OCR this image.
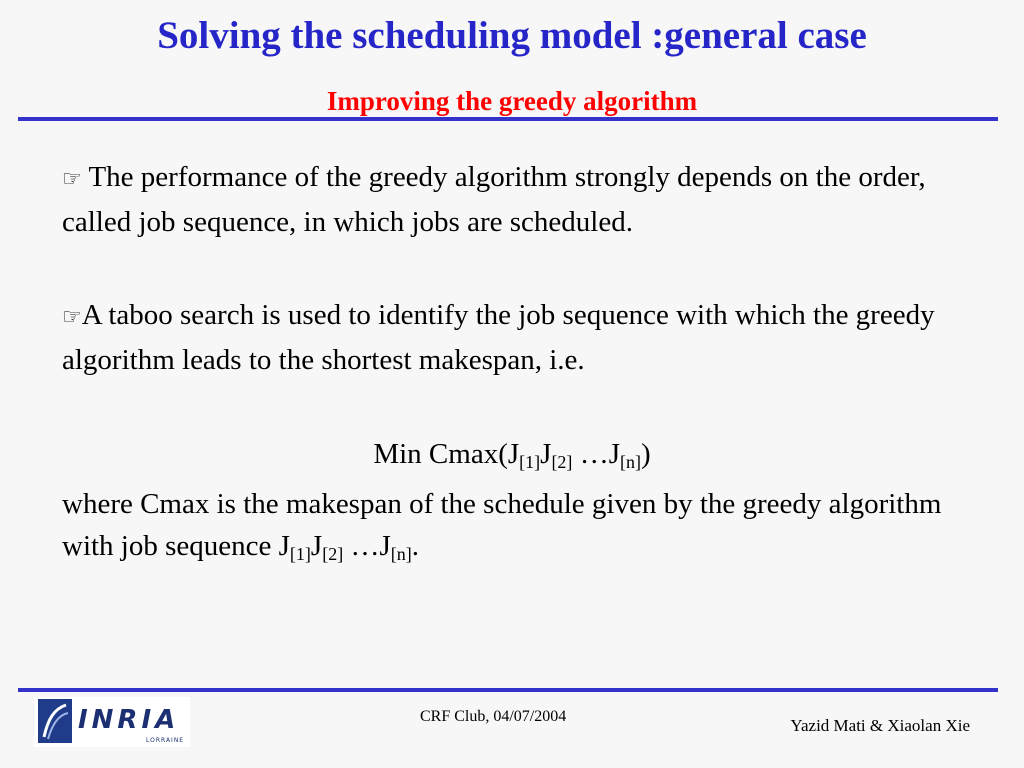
Solving the scheduling model :general case
Improving the greedy algorithm
☞ The performance of the greedy algorithm strongly depends on the order, called job sequence, in which jobs are scheduled.
☞A taboo search is used to identify the job sequence with which the greedy algorithm leads to the shortest makespan, i.e.
Min $Cmax(J_{[1]}J_{[2]}$ $\dots J_{[n]}$)
where Cmax is the makespan of the schedule given by the greedy algorithm with job sequence $J_{[1]}J_{[2]}$ $\dots J_{[n]}$.
INRIA
LORRAINE
CRF Club, 04/07/2004	Yazid Mati & Xiaolan Xie
